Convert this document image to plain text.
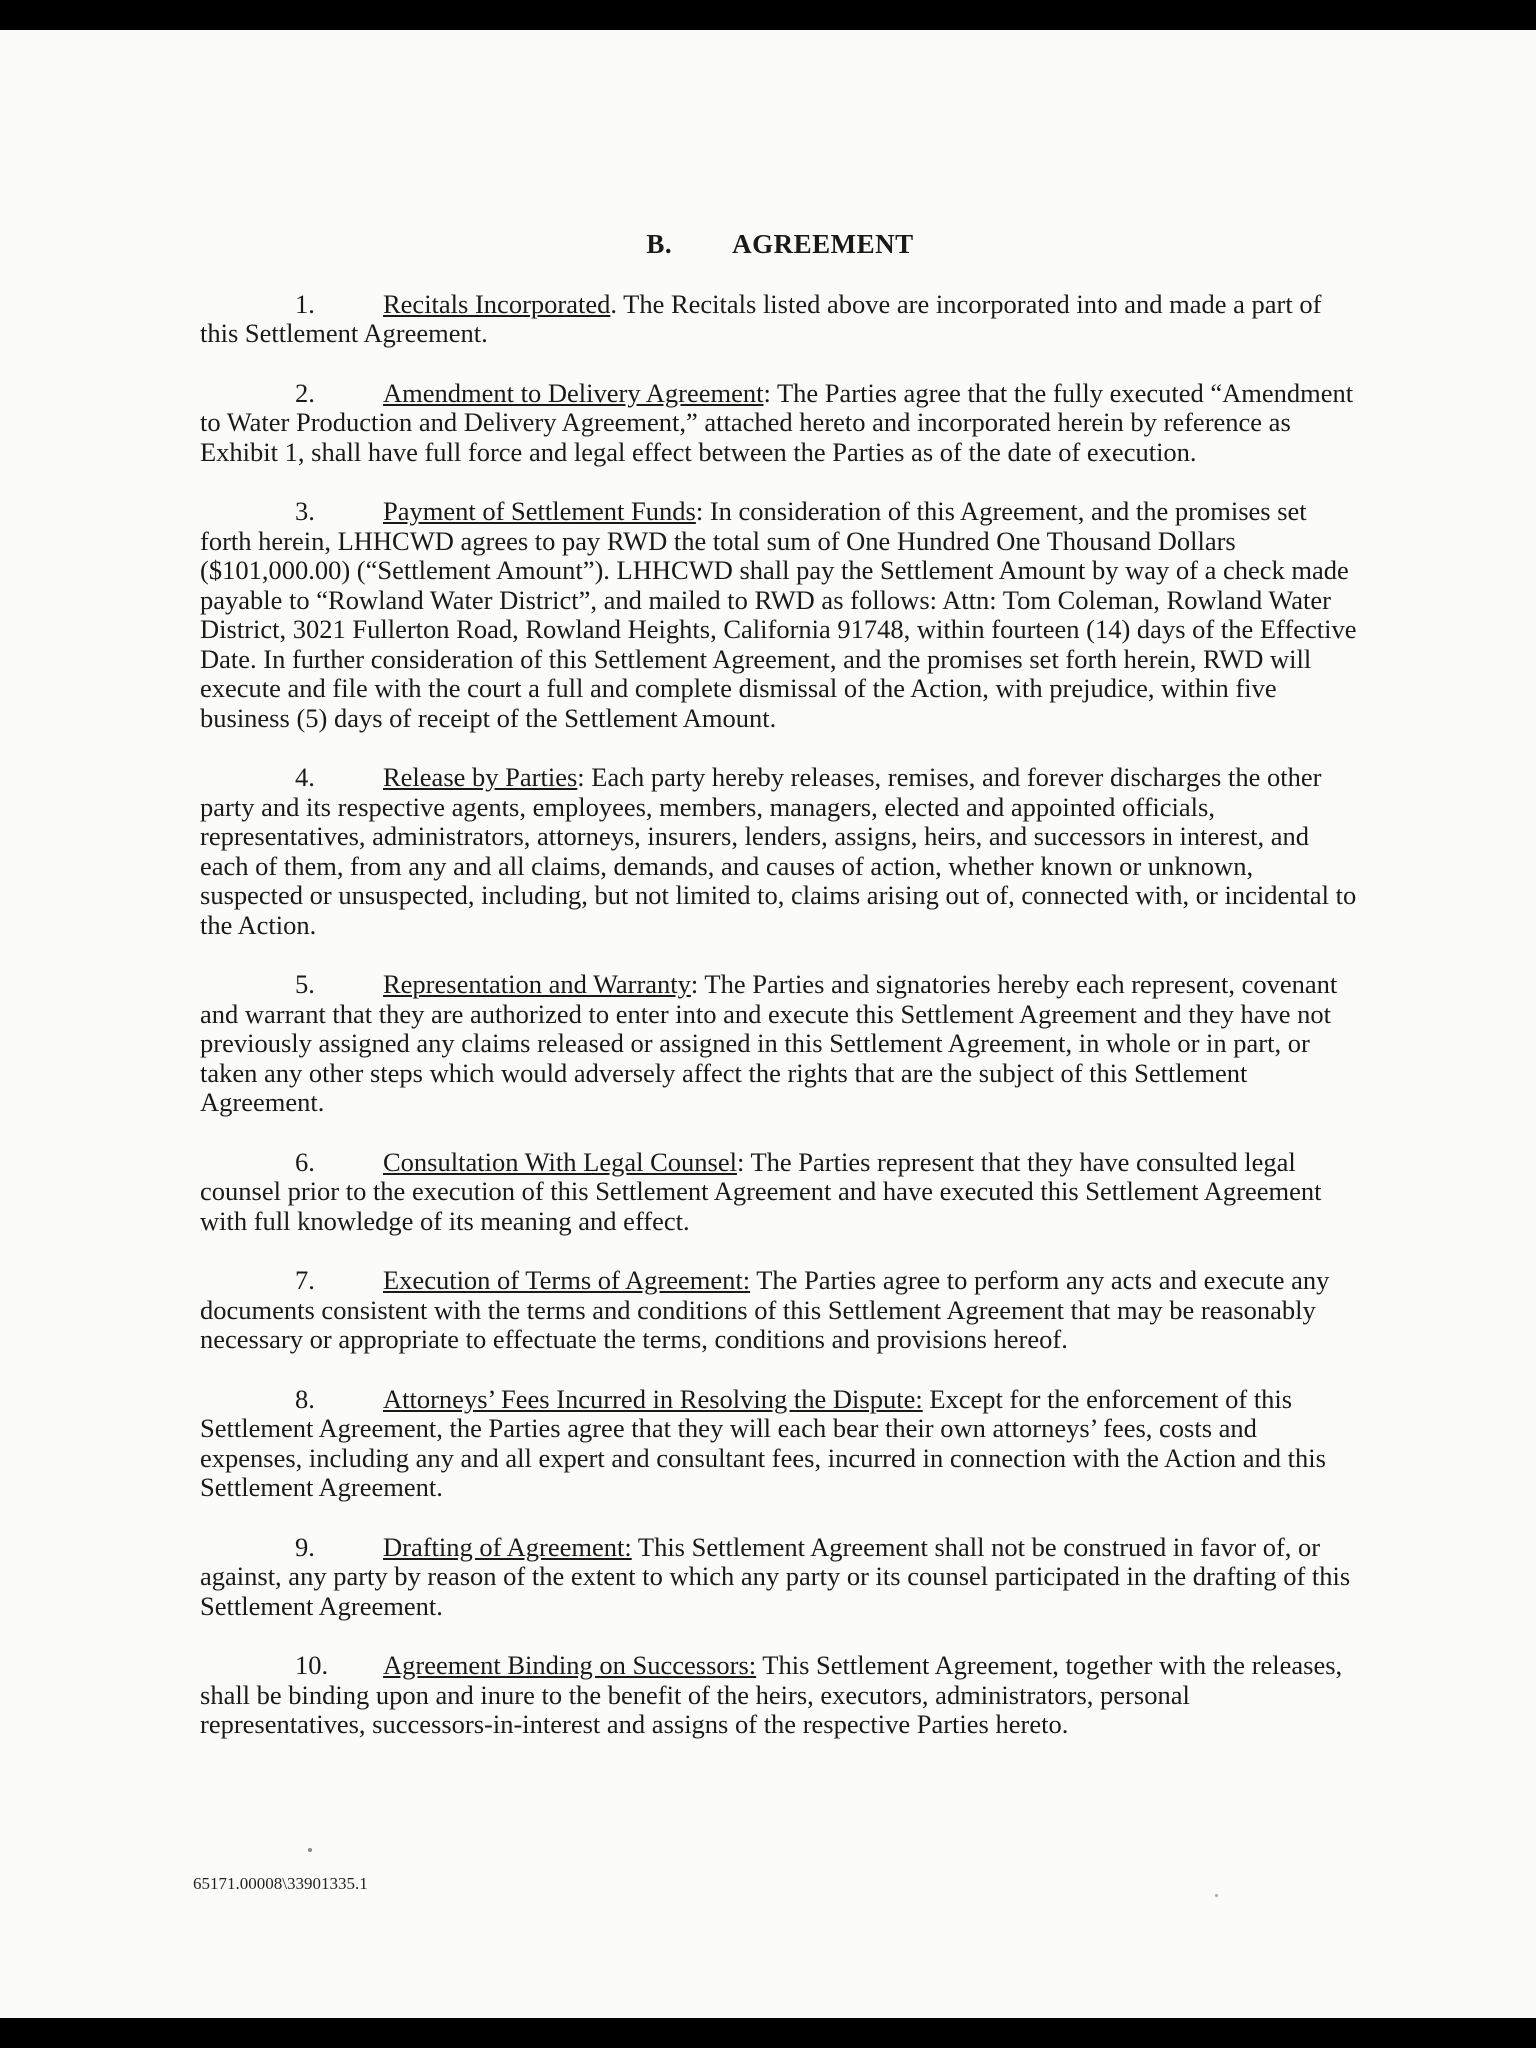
B. AGREEMENT

1.	Recitals Incorporated. The Recitals listed above are incorporated into and made a part of this Settlement Agreement.

2.	Amendment to Delivery Agreement: The Parties agree that the fully executed “Amendment to Water Production and Delivery Agreement,” attached hereto and incorporated herein by reference as Exhibit 1, shall have full force and legal effect between the Parties as of the date of execution.

3.	Payment of Settlement Funds: In consideration of this Agreement, and the promises set forth herein, LHHCWD agrees to pay RWD the total sum of One Hundred One Thousand Dollars ($101,000.00) (“Settlement Amount”). LHHCWD shall pay the Settlement Amount by way of a check made payable to “Rowland Water District”, and mailed to RWD as follows: Attn: Tom Coleman, Rowland Water District, 3021 Fullerton Road, Rowland Heights, California 91748, within fourteen (14) days of the Effective Date. In further consideration of this Settlement Agreement, and the promises set forth herein, RWD will execute and file with the court a full and complete dismissal of the Action, with prejudice, within five business (5) days of receipt of the Settlement Amount.

4.	Release by Parties: Each party hereby releases, remises, and forever discharges the other party and its respective agents, employees, members, managers, elected and appointed officials, representatives, administrators, attorneys, insurers, lenders, assigns, heirs, and successors in interest, and each of them, from any and all claims, demands, and causes of action, whether known or unknown, suspected or unsuspected, including, but not limited to, claims arising out of, connected with, or incidental to the Action.

5.	Representation and Warranty: The Parties and signatories hereby each represent, covenant and warrant that they are authorized to enter into and execute this Settlement Agreement and they have not previously assigned any claims released or assigned in this Settlement Agreement, in whole or in part, or taken any other steps which would adversely affect the rights that are the subject of this Settlement Agreement.

6.	Consultation With Legal Counsel: The Parties represent that they have consulted legal counsel prior to the execution of this Settlement Agreement and have executed this Settlement Agreement with full knowledge of its meaning and effect.

7.	Execution of Terms of Agreement: The Parties agree to perform any acts and execute any documents consistent with the terms and conditions of this Settlement Agreement that may be reasonably necessary or appropriate to effectuate the terms, conditions and provisions hereof.

8.	Attorneys’ Fees Incurred in Resolving the Dispute: Except for the enforcement of this Settlement Agreement, the Parties agree that they will each bear their own attorneys’ fees, costs and expenses, including any and all expert and consultant fees, incurred in connection with the Action and this Settlement Agreement.

9.	Drafting of Agreement: This Settlement Agreement shall not be construed in favor of, or against, any party by reason of the extent to which any party or its counsel participated in the drafting of this Settlement Agreement.

10. Agreement Binding on Successors: This Settlement Agreement, together with the releases, shall be binding upon and inure to the benefit of the heirs, executors, administrators, personal representatives, successors-in-interest and assigns of the respective Parties hereto.

65171.00008\33901335.1
